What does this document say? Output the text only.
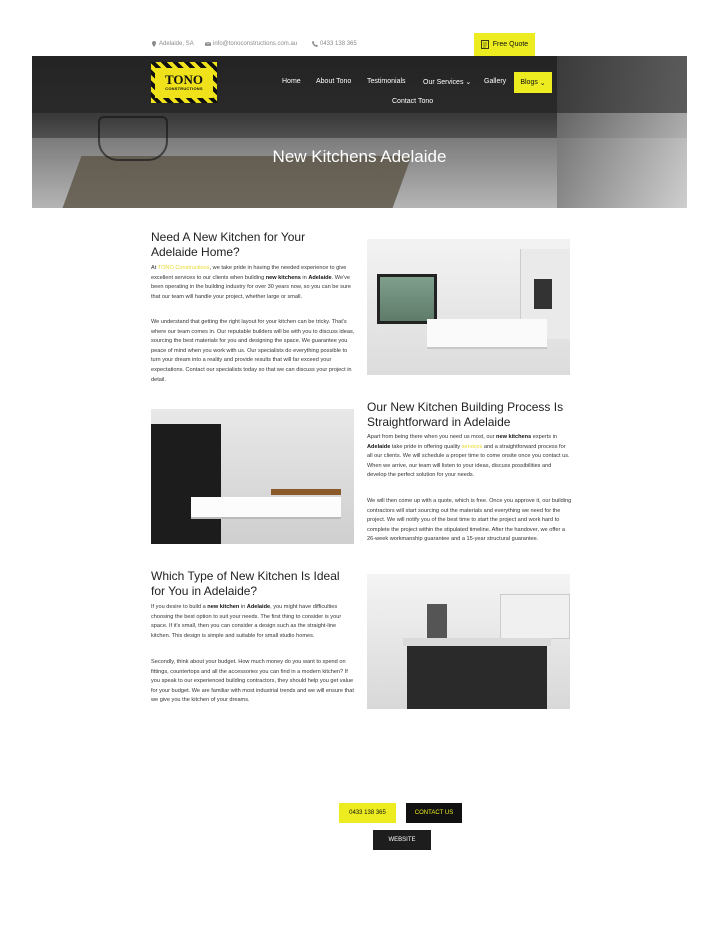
Adelaide, SA	info@tonoconstructions.com.au	0433 138 365	Free Quote
TONO
CONSTRUCTIONS
Home About Tono Testimonials Our Services ⌄ Gallery Blogs
⌄
Contact Tono
New Kitchens Adelaide
Need A New Kitchen for Your Adelaide Home?

At TONO Constructions, we take pride in having the needed experience to give excellent services to our clients when building new kitchens in Adelaide. We've been operating in the building industry for over 30 years now, so you can be sure that our team will handle your project, whether large or small.

We understand that getting the right layout for your kitchen can be tricky. That's where our team comes in. Our reputable builders will be with you to discuss ideas, sourcing the best materials for you and designing the space. We guarantee you peace of mind when you work with us. Our specialists do everything possible to turn your dream into a reality and provide results that will far exceed your expectations. Contact our specialists today so that we can discuss your project in detail.

Our New Kitchen Building Process Is Straightforward in Adelaide

Apart from being there when you need us most, our new kitchens experts in Adelaide take pride in offering quality services and a straightforward process for all our clients. We will schedule a proper time to come onsite once you contact us. When we arrive, our team will listen to your ideas, discuss possibilities and develop the perfect solution for your needs.

We will then come up with a quote, which is free. Once you approve it, our building contractors will start sourcing out the materials and everything we need for the project. We will notify you of the best time to start the project and work hard to complete the project within the stipulated timeline. After the handover, we offer a 26-week workmanship guarantee and a 15-year structural guarantee.

Which Type of New Kitchen Is Ideal for You in Adelaide?

If you desire to build a new kitchen in Adelaide, you might have difficulties choosing the best option to suit your needs. The first thing to consider is your space. If it's small, then you can consider a design such as the straight-line kitchen. This design is simple and suitable for small studio homes.

Secondly, think about your budget. How much money do you want to spend on fittings, countertops and all the accessories you can find in a modern kitchen? If you speak to our experienced building contractors, they should help you get value for your budget. We are familiar with most industrial trends and we will ensure that we give you the kitchen of your dreams.

0433 138 365	CONTACT US
WEBSITE
